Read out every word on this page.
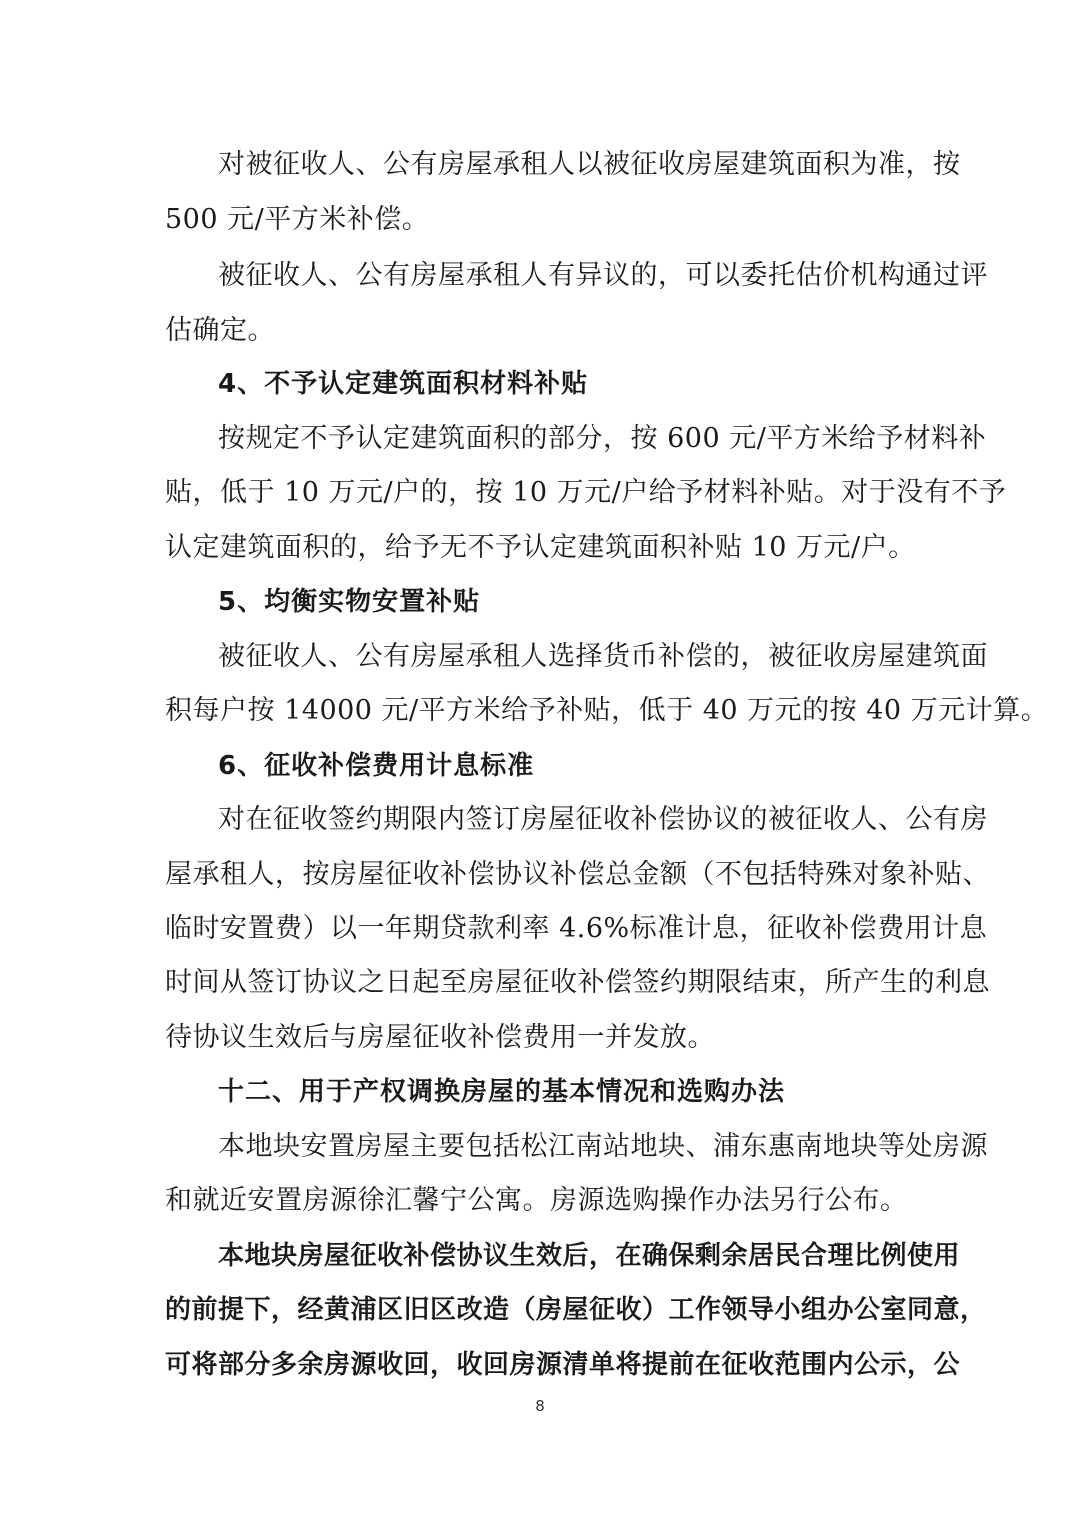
对被征收人、公有房屋承租人以被征收房屋建筑面积为准，按
500 元/平方米补偿。
被征收人、公有房屋承租人有异议的，可以委托估价机构通过评
估确定。
4、不予认定建筑面积材料补贴
按规定不予认定建筑面积的部分，按 600 元/平方米给予材料补
贴，低于 10 万元/户的，按 10 万元/户给予材料补贴。对于没有不予
认定建筑面积的，给予无不予认定建筑面积补贴 10 万元/户。
5、均衡实物安置补贴
被征收人、公有房屋承租人选择货币补偿的，被征收房屋建筑面
积每户按 14000 元/平方米给予补贴，低于 40 万元的按 40 万元计算。
6、征收补偿费用计息标准
对在征收签约期限内签订房屋征收补偿协议的被征收人、公有房
屋承租人，按房屋征收补偿协议补偿总金额（不包括特殊对象补贴、
临时安置费）以一年期贷款利率 4.6%标准计息，征收补偿费用计息
时间从签订协议之日起至房屋征收补偿签约期限结束，所产生的利息
待协议生效后与房屋征收补偿费用一并发放。
十二、用于产权调换房屋的基本情况和选购办法
本地块安置房屋主要包括松江南站地块、浦东惠南地块等处房源
和就近安置房源徐汇馨宁公寓。房源选购操作办法另行公布。
本地块房屋征收补偿协议生效后，在确保剩余居民合理比例使用
的前提下，经黄浦区旧区改造（房屋征收）工作领导小组办公室同意，
可将部分多余房源收回，收回房源清单将提前在征收范围内公示，公
8
